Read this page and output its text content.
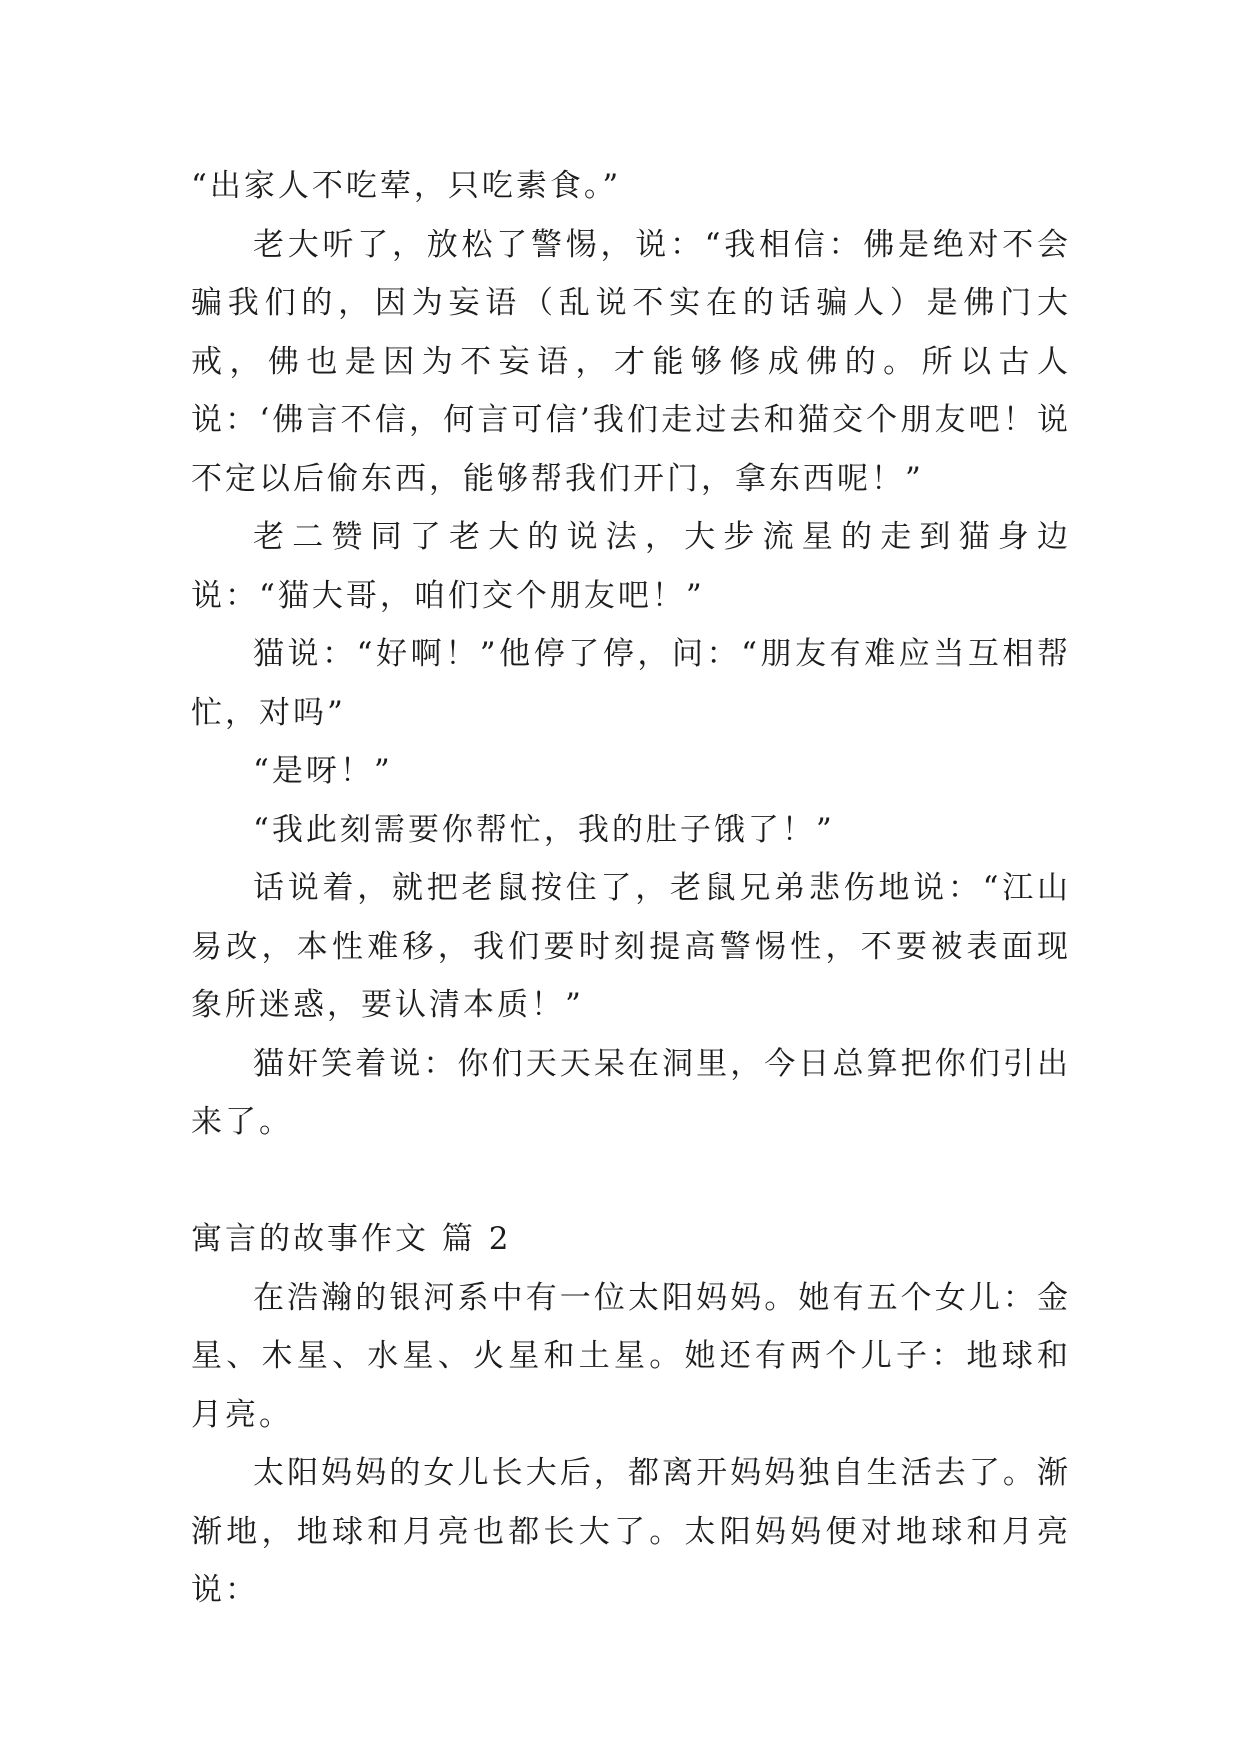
“出家人不吃荤，只吃素食。”

老大听了，放松了警惕，说：“我相信：佛是绝对不会骗我们的，因为妄语（乱说不实在的话骗人）是佛门大戒，佛也是因为不妄语，才能够修成佛的。所以古人说：‘佛言不信，何言可信’我们走过去和猫交个朋友吧！说不定以后偷东西，能够帮我们开门，拿东西呢！”

老二赞同了老大的说法，大步流星的走到猫身边说：“猫大哥，咱们交个朋友吧！”

猫说：“好啊！”他停了停，问：“朋友有难应当互相帮忙，对吗”

“是呀！”

“我此刻需要你帮忙，我的肚子饿了！”

话说着，就把老鼠按住了，老鼠兄弟悲伤地说：“江山易改，本性难移，我们要时刻提高警惕性，不要被表面现象所迷惑，要认清本质！”

猫奸笑着说：你们天天呆在洞里，今日总算把你们引出来了。

寓言的故事作文 篇 2

在浩瀚的银河系中有一位太阳妈妈。她有五个女儿：金星、木星、水星、火星和土星。她还有两个儿子：地球和月亮。

太阳妈妈的女儿长大后，都离开妈妈独自生活去了。渐渐地，地球和月亮也都长大了。太阳妈妈便对地球和月亮说：
